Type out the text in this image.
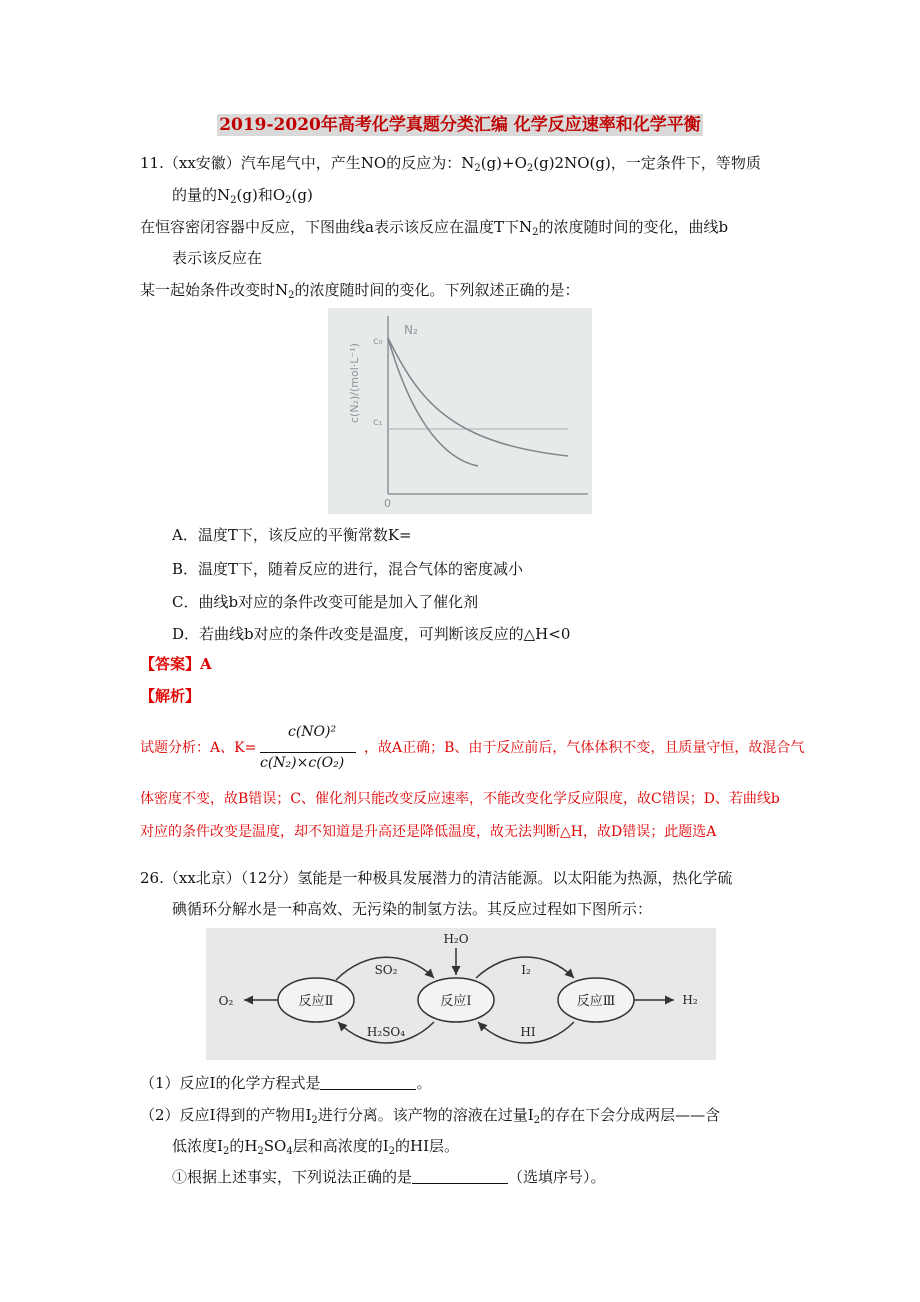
2019-2020年高考化学真题分类汇编 化学反应速率和化学平衡
11.（xx安徽）汽车尾气中，产生NO的反应为：$N_2(g)+O_2(g)2NO(g)$，一定条件下，等物质
的量的$N_2(g)$和$O_2(g)$
在恒容密闭容器中反应，下图曲线a表示该反应在温度T下$N_2$的浓度随时间的变化，曲线b
表示该反应在
某一起始条件改变时$N_2$的浓度随时间的变化。下列叙述正确的是：
N₂
c₀
c₁
0
c(N₂)/(mol·L⁻¹)
A．温度T下，该反应的平衡常数K=
B．温度T下，随着反应的进行，混合气体的密度减小
C．曲线b对应的条件改变可能是加入了催化剂
D．若曲线b对应的条件改变是温度，可判断该反应的△H<0
【答案】A
【解析】
试题分析：A、K=
c(NO)²
c(N₂)×c(O₂)
，故A正确；B、由于反应前后，气体体积不变，且质量守恒，故混合气
体密度不变，故B错误；C、催化剂只能改变反应速率，不能改变化学反应限度，故C错误；D、若曲线b
对应的条件改变是温度，却不知道是升高还是降低温度，故无法判断△H，故D错误；此题选A
26.（xx北京）（12分）氢能是一种极具发展潜力的清洁能源。以太阳能为热源，热化学硫
碘循环分解水是一种高效、无污染的制氢方法。其反应过程如下图所示：
反应Ⅱ	反应Ⅰ	反应Ⅲ
SO₂
H₂SO₄
I₂
HI
H₂O
O₂	H₂
（1）反应Ⅰ的化学方程式是	。
（2）反应Ⅰ得到的产物用$I_2$进行分离。该产物的溶液在过量$I_2$的存在下会分成两层——含
低浓度$I_2$的$H_2SO_4$层和高浓度的$I_2$的HI层。
①根据上述事实，下列说法正确的是	（选填序号）。
